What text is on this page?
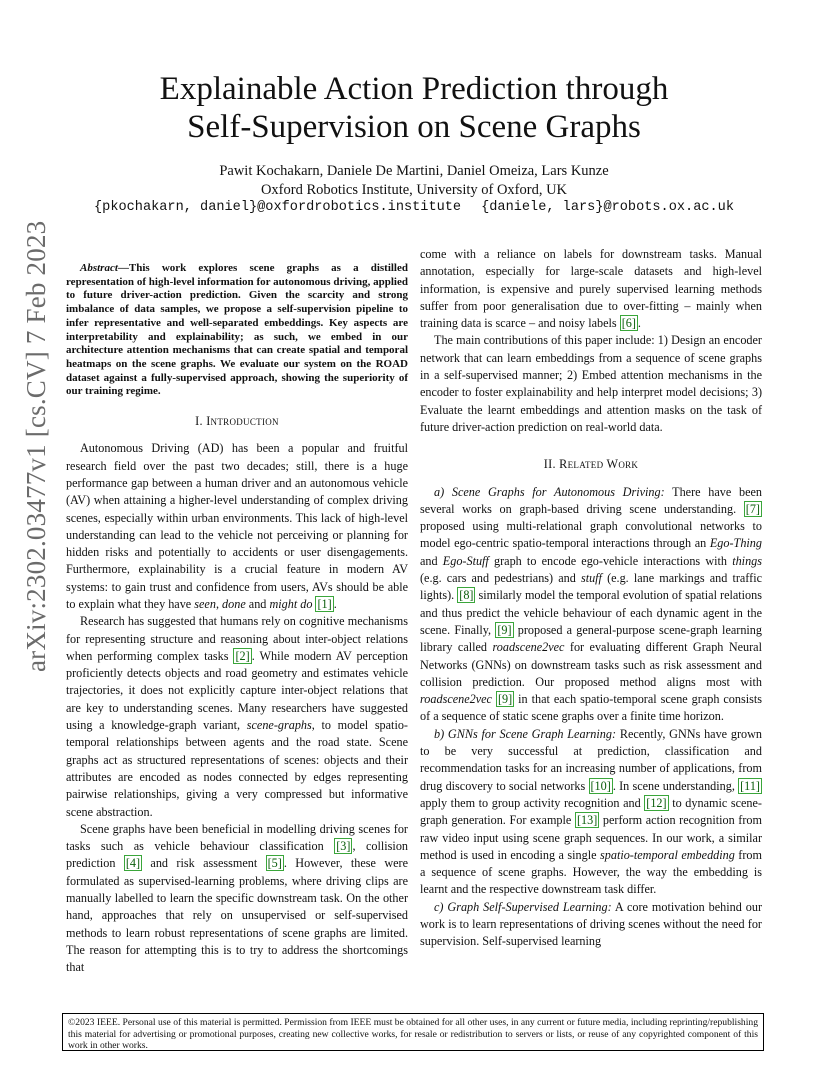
arXiv:2302.03477v1 [cs.CV] 7 Feb 2023
Explainable Action Prediction through
Self-Supervision on Scene Graphs
Pawit Kochakarn, Daniele De Martini, Daniel Omeiza, Lars Kunze
Oxford Robotics Institute, University of Oxford, UK
{pkochakarn, daniel}@oxfordrobotics.institute {daniele, lars}@robots.ox.ac.uk

Abstract—This work explores scene graphs as a distilled representation of high-level information for autonomous driving, applied to future driver-action prediction. Given the scarcity and strong imbalance of data samples, we propose a self-supervision pipeline to infer representative and well-separated embeddings. Key aspects are interpretability and explainability; as such, we embed in our architecture attention mechanisms that can create spatial and temporal heatmaps on the scene graphs. We evaluate our system on the ROAD dataset against a fully-supervised approach, showing the superiority of our training regime.

I. Introduction

Autonomous Driving (AD) has been a popular and fruitful research field over the past two decades; still, there is a huge performance gap between a human driver and an autonomous vehicle (AV) when attaining a higher-level understanding of complex driving scenes, especially within urban environments. This lack of high-level understanding can lead to the vehicle not perceiving or planning for hidden risks and potentially to accidents or user disengagements. Furthermore, explainability is a crucial feature in modern AV systems: to gain trust and confidence from users, AVs should be able to explain what they have seen, done and might do [1] .

Research has suggested that humans rely on cognitive mechanisms for representing structure and reasoning about inter-object relations when performing complex tasks [2] . While modern AV perception proficiently detects objects and road geometry and estimates vehicle trajectories, it does not explicitly capture inter-object relations that are key to understanding scenes. Many researchers have suggested using a knowledge-graph variant, scene-graphs, to model spatio-temporal relationships between agents and the road state. Scene graphs act as structured representations of scenes: objects and their attributes are encoded as nodes connected by edges representing pairwise relationships, giving a very compressed but informative scene abstraction.

Scene graphs have been beneficial in modelling driving scenes for tasks such as vehicle behaviour classification [3] , collision prediction [4] and risk assessment [5] . However, these were formulated as supervised-learning problems, where driving clips are manually labelled to learn the specific downstream task. On the other hand, approaches that rely on unsupervised or self-supervised methods to learn robust representations of scene graphs are limited. The reason for attempting this is to try to address the shortcomings that

come with a reliance on labels for downstream tasks. Manual annotation, especially for large-scale datasets and high-level information, is expensive and purely supervised learning methods suffer from poor generalisation due to over-fitting – mainly when training data is scarce – and noisy labels [6] .

The main contributions of this paper include: 1) Design an encoder network that can learn embeddings from a sequence of scene graphs in a self-supervised manner; 2) Embed attention mechanisms in the encoder to foster explainability and help interpret model decisions; 3) Evaluate the learnt embeddings and attention masks on the task of future driver-action prediction on real-world data.

II. Related Work

a) Scene Graphs for Autonomous Driving: There have been several works on graph-based driving scene understanding. [7] proposed using multi-relational graph convolutional networks to model ego-centric spatio-temporal interactions through an Ego-Thing and Ego-Stuff graph to encode ego-vehicle interactions with things (e.g. cars and pedestrians) and stuff (e.g. lane markings and traffic lights). [8] similarly model the temporal evolution of spatial relations and thus predict the vehicle behaviour of each dynamic agent in the scene. Finally, [9] proposed a general-purpose scene-graph learning library called roadscene2vec for evaluating different Graph Neural Networks (GNNs) on downstream tasks such as risk assessment and collision prediction. Our proposed method aligns most with roadscene2vec [9] in that each spatio-temporal scene graph consists of a sequence of static scene graphs over a finite time horizon.

b) GNNs for Scene Graph Learning: Recently, GNNs have grown to be very successful at prediction, classification and recommendation tasks for an increasing number of applications, from drug discovery to social networks [10] . In scene understanding, [11] apply them to group activity recognition and [12] to dynamic scene-graph generation. For example [13] perform action recognition from raw video input using scene graph sequences. In our work, a similar method is used in encoding a single spatio-temporal embedding from a sequence of scene graphs. However, the way the embedding is learnt and the respective downstream task differ.

c) Graph Self-Supervised Learning: A core motivation behind our work is to learn representations of driving scenes without the need for supervision. Self-supervised learning

©2023 IEEE. Personal use of this material is permitted. Permission from IEEE must be obtained for all other uses, in any current or future media, including reprinting/republishing this material for advertising or promotional purposes, creating new collective works, for resale or redistribution to servers or lists, or reuse of any copyrighted component of this work in other works.
